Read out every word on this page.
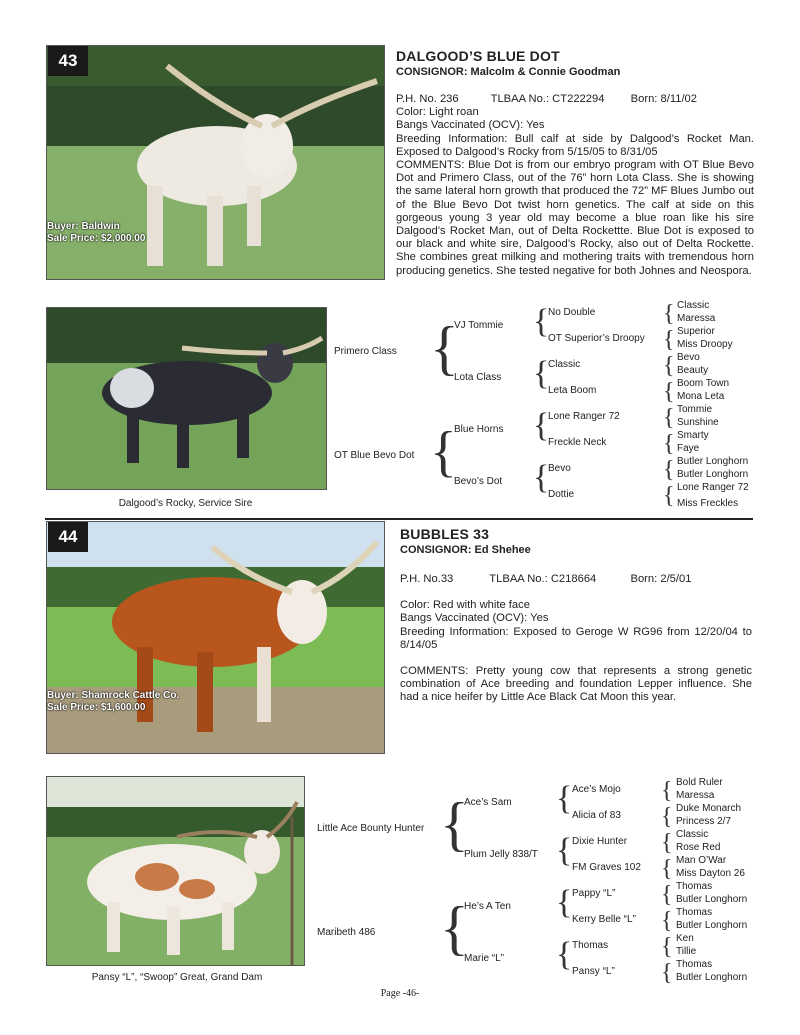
43
Buyer: Baldwin
Sale Price: $2,000.00
DALGOOD’S BLUE DOT
CONSIGNOR: Malcolm & Connie Goodman

P.H. No. 236	TLBAA No.: CT222294 Born: 8/11/02

Color: Light roan

Bangs Vaccinated (OCV): Yes

Breeding Information: Bull calf at side by Dalgood’s Rocket Man. Exposed to Dalgood’s Rocky from 5/15/05 to 8/31/05

COMMENTS: Blue Dot is from our embryo program with OT Blue Bevo Dot and Primero Class, out of the 76” horn Lota Class. She is showing the same lateral horn growth that produced the 72” MF Blues Jumbo out of the Blue Bevo Dot twist horn genetics. The calf at side on this gorgeous young 3 year old may become a blue roan like his sire Dalgood’s Rocket Man, out of Delta Rockettte. Blue Dot is exposed to our black and white sire, Dalgood’s Rocky, also out of Delta Rockette. She combines great milking and mothering traits with tremendous horn producing genetics. She tested negative for both Johnes and Neospora.

Dalgood’s Rocky, Service Sire
Primero Class
OT Blue Bevo Dot
{
{
VJ Tommie
Lota Class
Blue Horns
Bevo’s Dot
{
{
{
{
No Double
OT Superior’s Droopy
Classic
Leta Boom
Lone Ranger 72
Freckle Neck
Bevo
Dottie
{
{
{
{
{
{
{
{
Classic
Maressa
Superior
Miss Droopy
Bevo
Beauty
Boom Town
Mona Leta
Tommie
Sunshine
Smarty
Faye
Butler Longhorn
Butler Longhorn
Lone Ranger 72
Miss Freckles
44
Buyer: Shamrock Cattle Co.
Sale Price: $1,600.00
BUBBLES 33
CONSIGNOR: Ed Shehee

P.H. No.33	TLBAA No.: C218664	Born: 2/5/01

Color: Red with white face

Bangs Vaccinated (OCV): Yes

Breeding Information: Exposed to Geroge W RG96 from 12/20/04 to 8/14/05

COMMENTS: Pretty young cow that represents a strong genetic combination of Ace breeding and foundation Lepper influence. She had a nice heifer by Little Ace Black Cat Moon this year.

Pansy “L”, “Swoop” Great, Grand Dam
Little Ace Bounty Hunter
Maribeth 486
{
{
Ace’s Sam
Plum Jelly 838/T
He’s A Ten
Marie “L”
{
{
{
{
Ace’s Mojo
Alicia of 83
Dixie Hunter
FM Graves 102
Pappy “L”
Kerry Belle “L”
Thomas
Pansy “L”
{
{
{
{
{
{
{
{
Bold Ruler
Maressa
Duke Monarch
Princess 2/7
Classic
Rose Red
Man O’War
Miss Dayton 26
Thomas
Butler Longhorn
Thomas
Butler Longhorn
Ken
Tillie
Thomas
Butler Longhorn
Page -46-
